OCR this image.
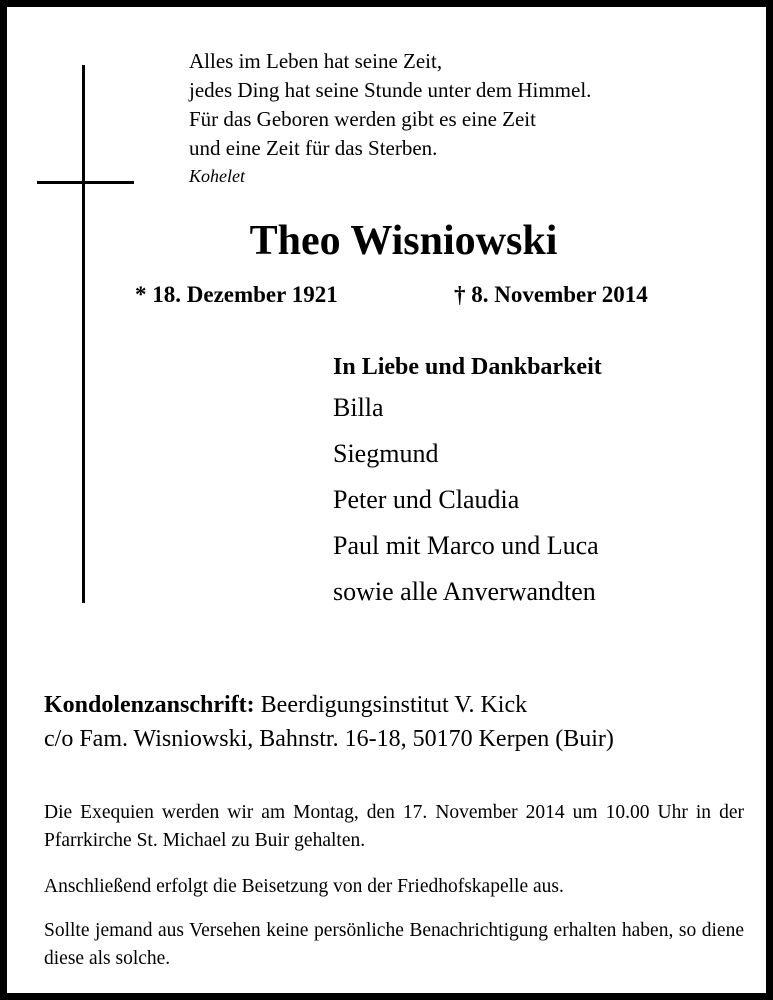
Alles im Leben hat seine Zeit,
jedes Ding hat seine Stunde unter dem Himmel.
Für das Geboren werden gibt es eine Zeit
und eine Zeit für das Sterben.
Kohelet
Theo Wisniowski
* 18. Dezember 1921	† 8. November 2014
In Liebe und Dankbarkeit
Billa
Siegmund
Peter und Claudia
Paul mit Marco und Luca
sowie alle Anverwandten
Kondolenzanschrift: Beerdigungsinstitut V. Kick
c/o Fam. Wisniowski, Bahnstr. 16-18, 50170 Kerpen (Buir)
Die Exequien werden wir am Montag, den 17. November 2014 um 10.00 Uhr in der Pfarrkirche St. Michael zu Buir gehalten.
Anschließend erfolgt die Beisetzung von der Friedhofskapelle aus.
Sollte jemand aus Versehen keine persönliche Benachrichtigung erhalten haben, so diene diese als solche.
